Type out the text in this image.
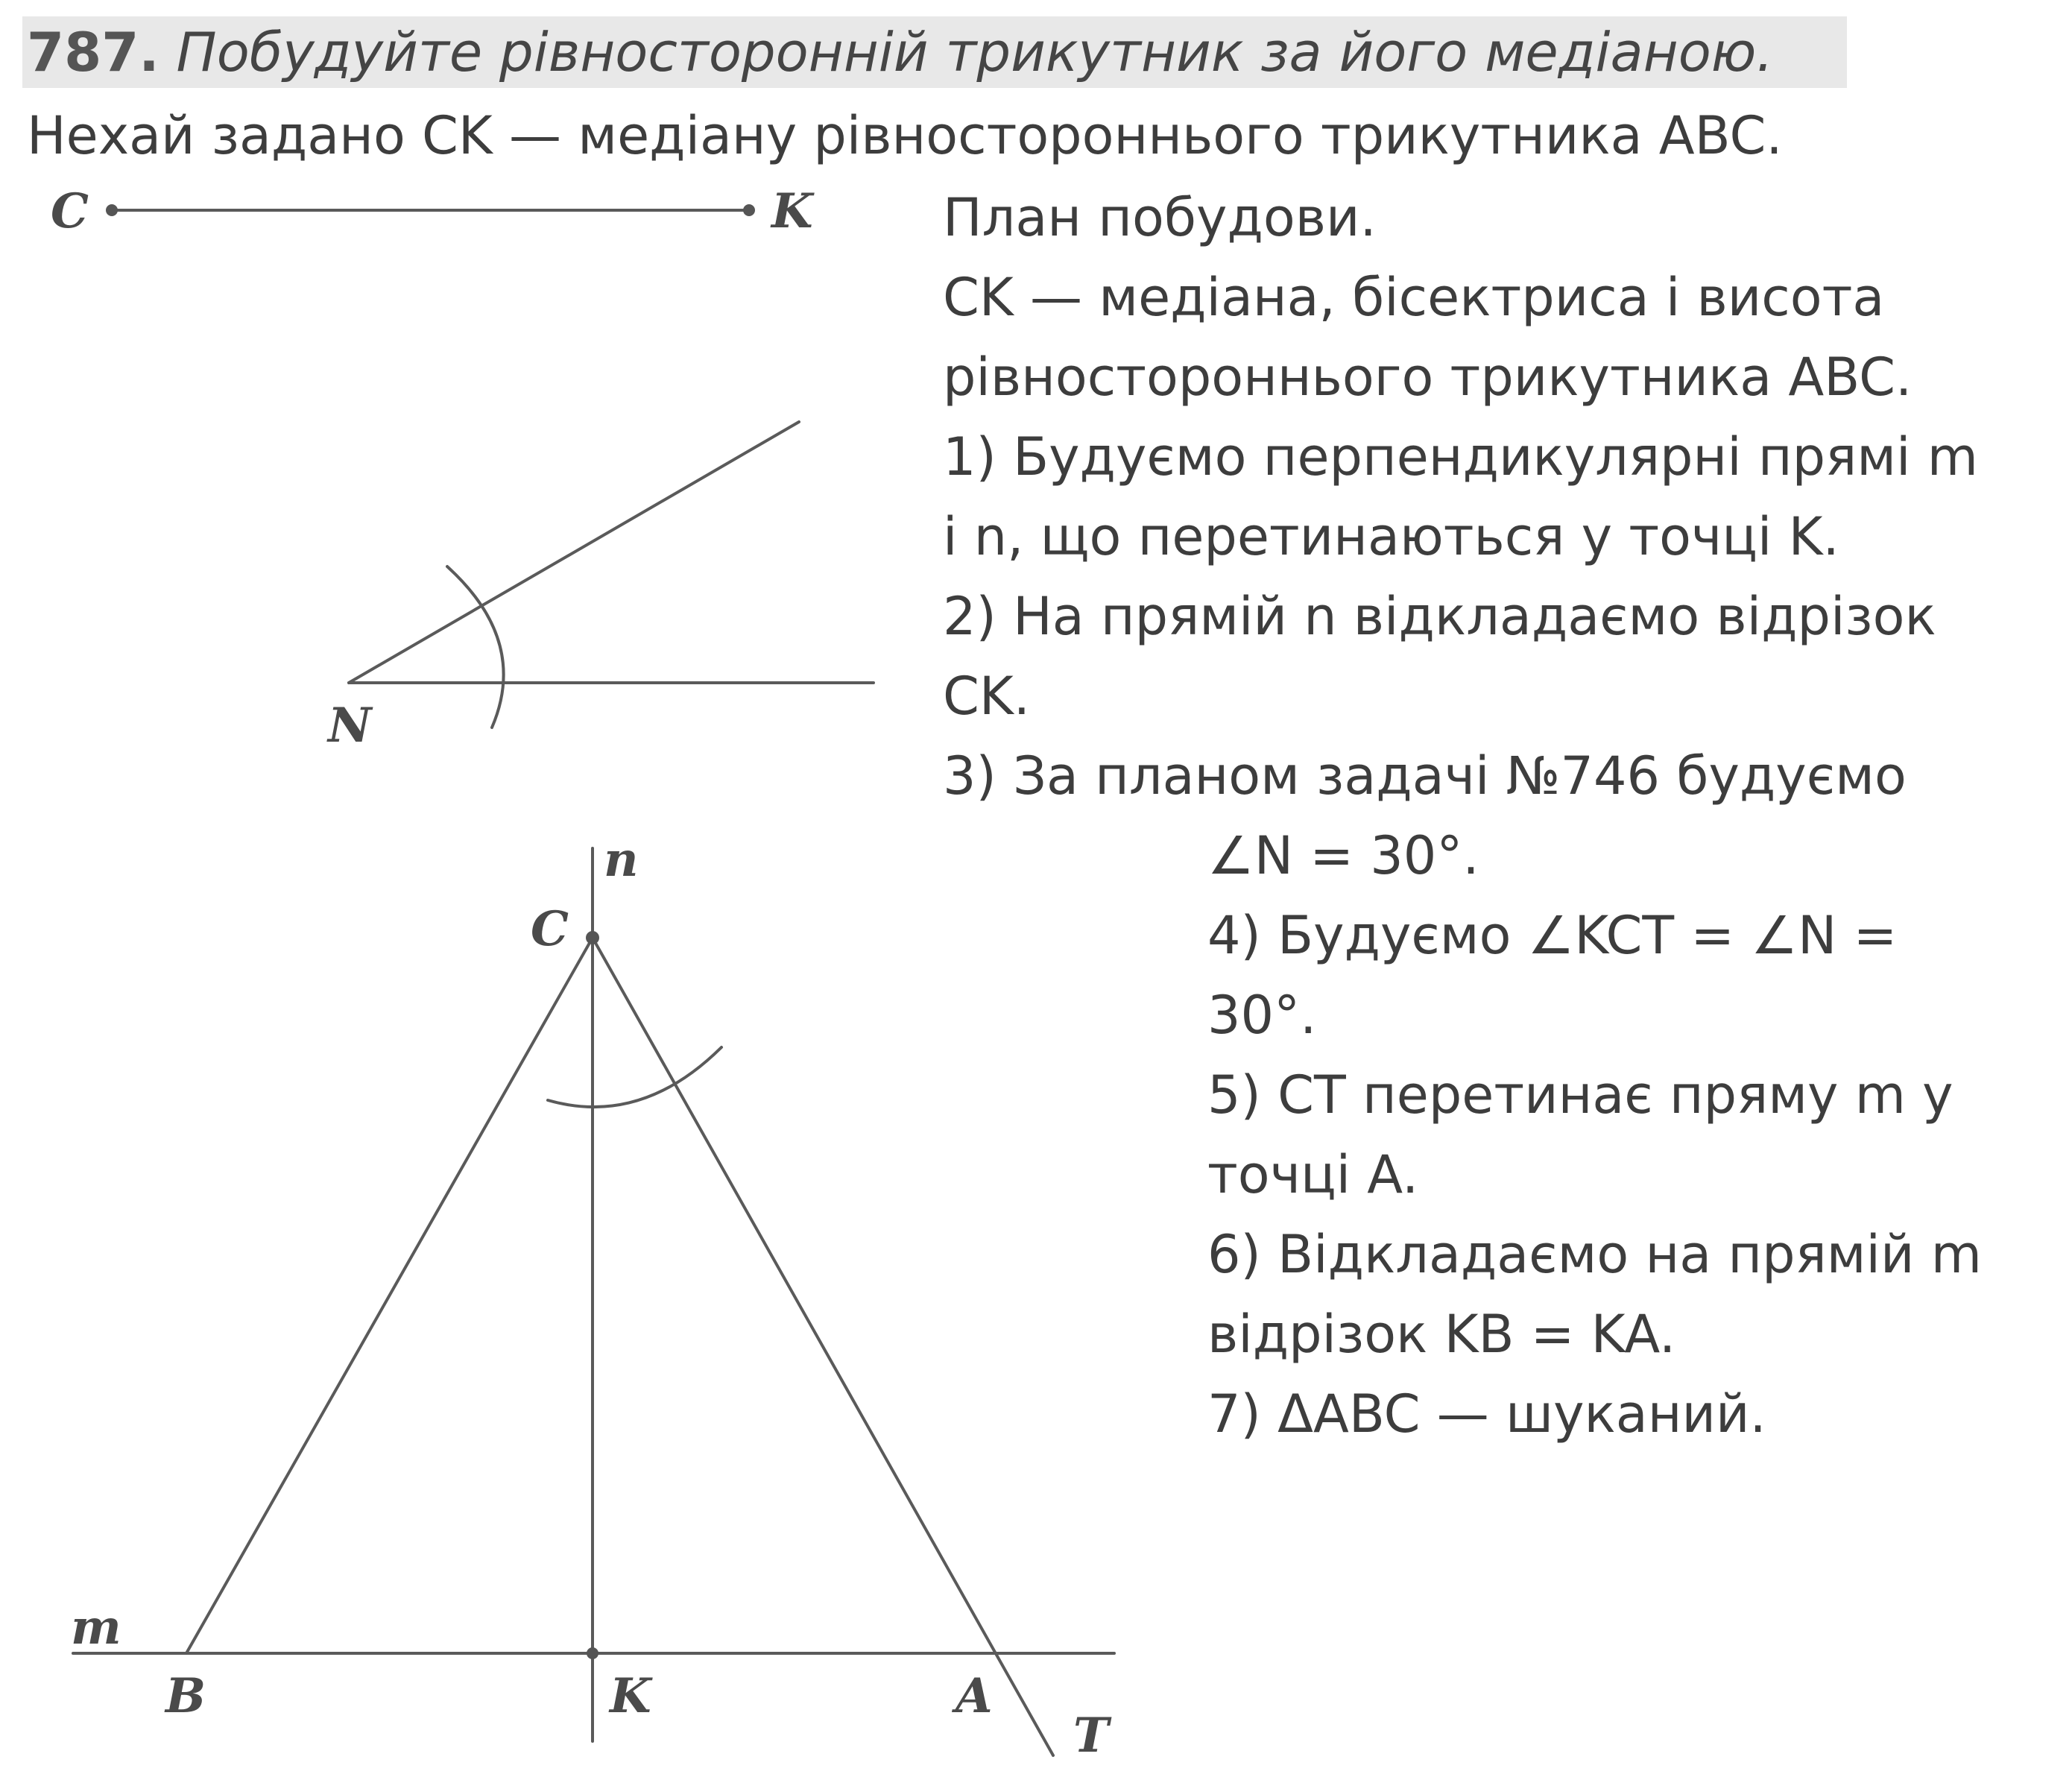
787. Побудуйте рівносторонній трикутник за його медіаною.
Нехай задано CK — медіану рівностороннього трикутника ABC.
План побудови.
CK — медіана, бісектриса і висота
рівностороннього трикутника ABC.
1) Будуємо перпендикулярні прямі m
і n, що перетинаються у точці K.
2) На прямій n відкладаємо відрізок
CK.
3) За планом задачі №746 будуємо
∠N = 30°.
4) Будуємо ∠KCT = ∠N =
30°.
5) CT перетинає пряму m у
точці A.
6) Відкладаємо на прямій m
відрізок KB = KA.
7) ΔABC — шуканий.
C	K
N
n
C
m
B	K	A
T
